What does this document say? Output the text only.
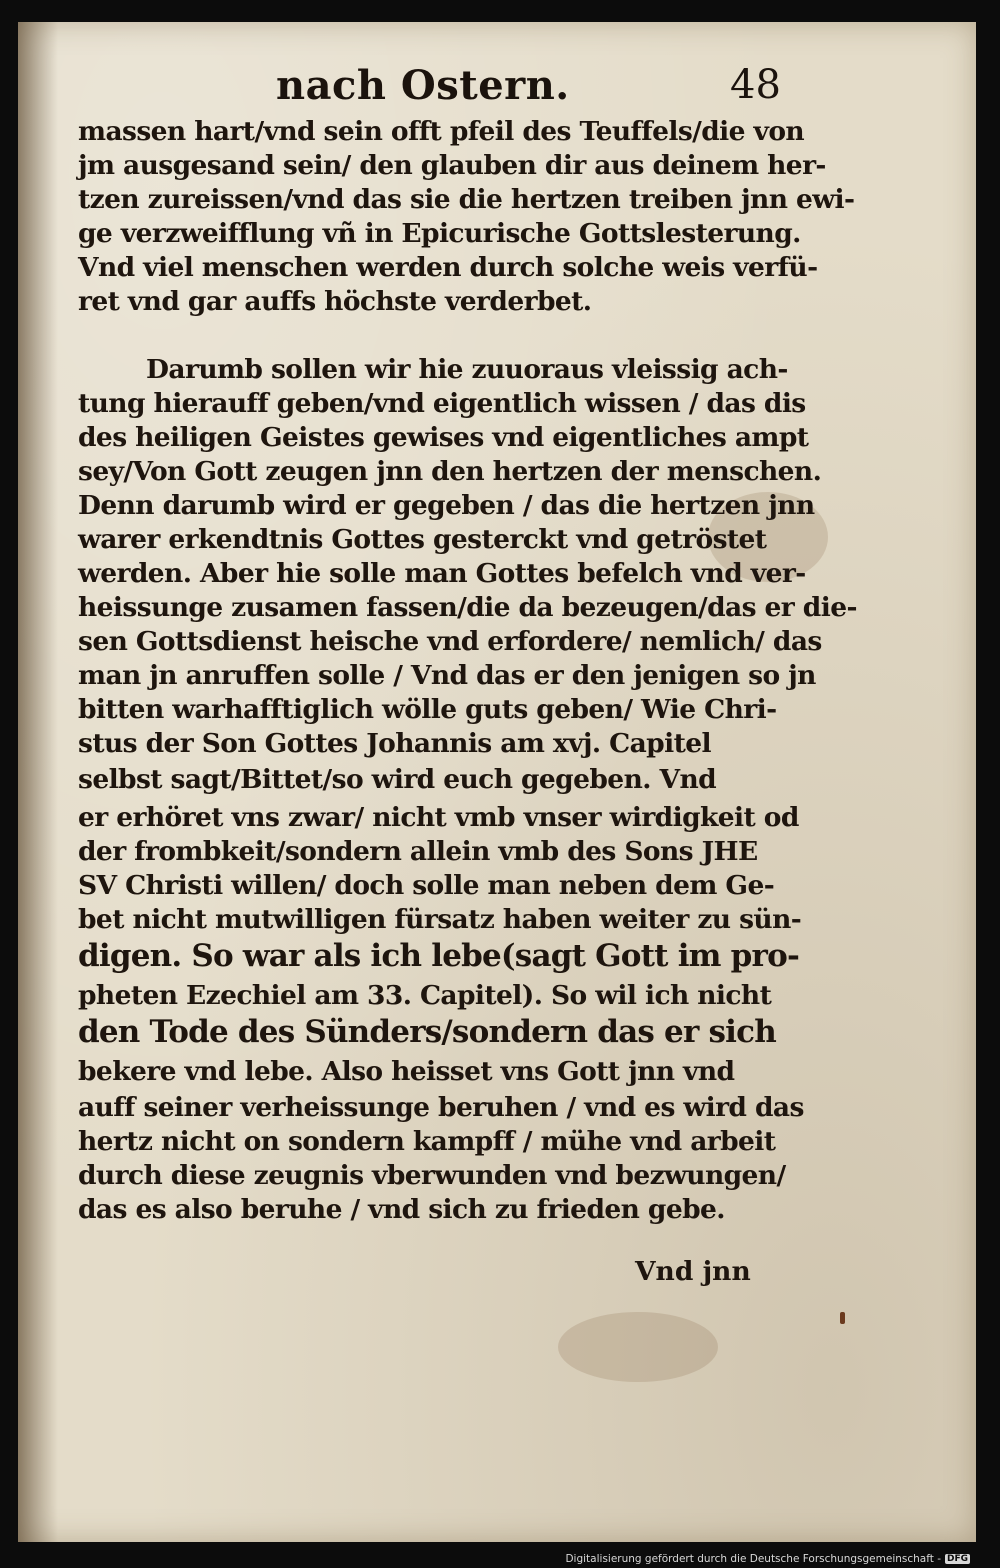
nach Ostern.	48
massen hart/vnd sein offt pfeil des Teuffels/die von
jm ausgesand sein/ den glauben dir aus deinem her-
tzen zureissen/vnd das sie die hertzen treiben jnn ewi-
ge verzweifflung vñ in Epicurische Gottslesterung.
Vnd viel menschen werden durch solche weis verfü-
ret vnd gar auffs höchste verderbet.
Darumb sollen wir hie zuuoraus vleissig ach-
tung hierauff geben/vnd eigentlich wissen / das dis
des heiligen Geistes gewises vnd eigentliches ampt
sey/Von Gott zeugen jnn den hertzen der menschen.
Denn darumb wird er gegeben / das die hertzen jnn
warer erkendtnis Gottes gesterckt vnd getröstet
werden. Aber hie solle man Gottes befelch vnd ver-
heissunge zusamen fassen/die da bezeugen/das er die-
sen Gottsdienst heische vnd erfordere/ nemlich/ das
man jn anruffen solle / Vnd das er den jenigen so jn
bitten warhafftiglich wölle guts geben/ Wie Chri-
stus der Son Gottes Johannis am xvj. Capitel
selbst sagt/Bittet/so wird euch gegeben. Vnd
er erhöret vns zwar/ nicht vmb vnser wirdigkeit od
der frombkeit/sondern allein vmb des Sons JHE
SV Christi willen/ doch solle man neben dem Ge-
bet nicht mutwilligen fürsatz haben weiter zu sün-
digen. So war als ich lebe(sagt Gott im pro-
pheten Ezechiel am 33. Capitel). So wil ich nicht
den Tode des Sünders/sondern das er sich
bekere vnd lebe. Also heisset vns Gott jnn vnd
auff seiner verheissunge beruhen / vnd es wird das
hertz nicht on sondern kampff / mühe vnd arbeit
durch diese zeugnis vberwunden vnd bezwungen/
das es also beruhe / vnd sich zu frieden gebe.
Vnd jnn
Digitalisierung gefördert durch die Deutsche Forschungsgemeinschaft - DFG
